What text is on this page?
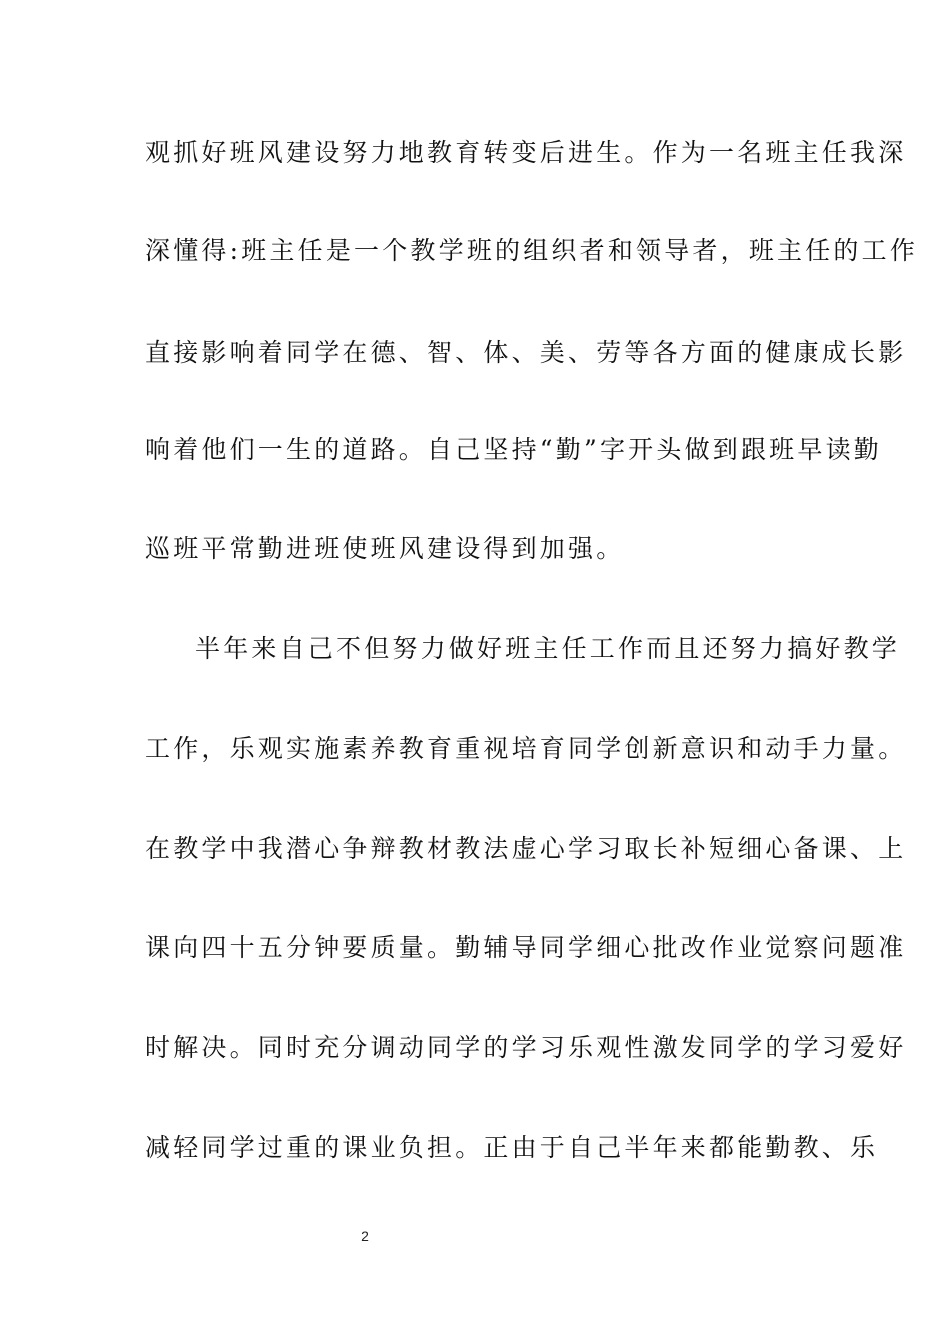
观抓好班风建设努力地教育转变后进生。作为一名班主任我深
深懂得:班主任是一个教学班的组织者和领导者，班主任的工作
直接影响着同学在德、智、体、美、劳等各方面的健康成长影
响着他们一生的道路。自己坚持“勤”字开头做到跟班早读勤
巡班平常勤进班使班风建设得到加强。
半年来自己不但努力做好班主任工作而且还努力搞好教学
工作，乐观实施素养教育重视培育同学创新意识和动手力量。
在教学中我潜心争辩教材教法虚心学习取长补短细心备课、上
课向四十五分钟要质量。勤辅导同学细心批改作业觉察问题准
时解决。同时充分调动同学的学习乐观性激发同学的学习爱好
减轻同学过重的课业负担。正由于自己半年来都能勤教、乐
2
